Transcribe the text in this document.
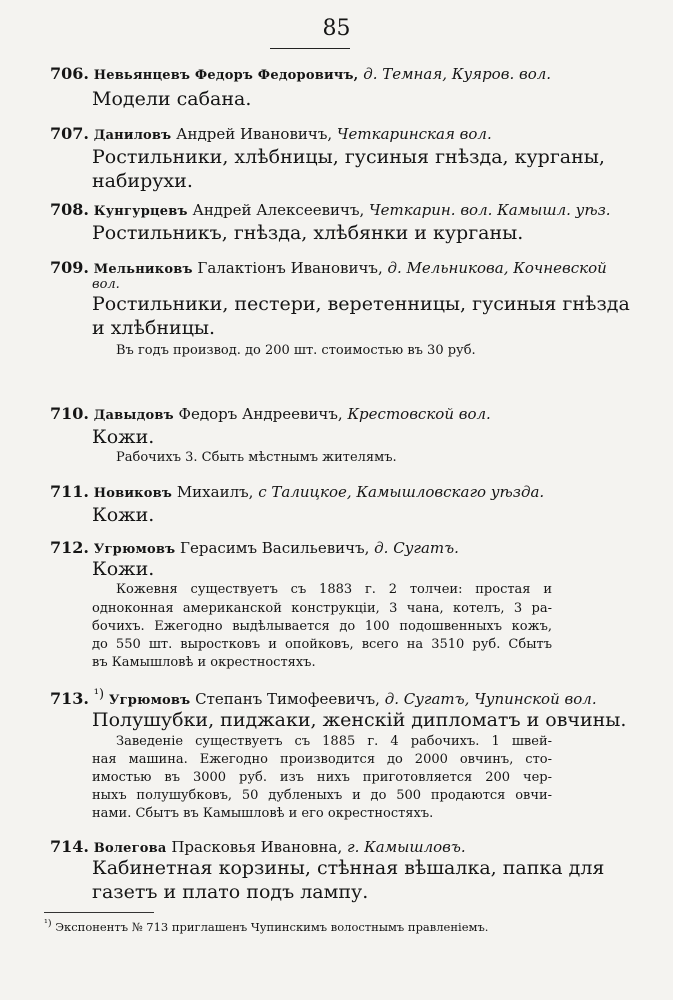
85
706. Невьянцевъ Федоръ Федоровичъ, д. Темная, Куяров. вол.
Модели сабана.
707. Даниловъ Андрей Ивановичъ, Четкаринская вол.
Ростильники, хлѣбницы, гусиныя гнѣзда, курганы,
набирухи.
708. Кунгурцевъ Андрей Алексеевичъ, Четкарин. вол. Камышл. уѣз.
Ростильникъ, гнѣзда, хлѣбянки и курганы.
709. Мельниковъ Галактіонъ Ивановичъ, д. Мельникова, Кочневской
вол.
Ростильники, пестери, веретенницы, гусиныя гнѣзда
и хлѣбницы.
Въ годъ производ. до 200 шт. стоимостью въ 30 руб.
710. Давыдовъ Федоръ Андреевичъ, Крестовской вол.
Кожи.
Рабочихъ 3. Сбыть мѣстнымъ жителямъ.
711. Новиковъ Михаилъ, с Талицкое, Камышловскаго уѣзда.
Кожи.
712. Угрюмовъ Герасимъ Васильевичъ, д. Сугатъ.
Кожи.
Кожевня существуетъ съ 1883 г. 2 толчеи: простая и
одноконная американской конструкціи, 3 чана, котелъ, 3 ра-
бочихъ. Ежегодно выдѣлывается до 100 подошвенныхъ кожъ,
до 550 шт. выростковъ и опойковъ, всего на 3510 руб. Сбытъ
въ Камышловѣ и окрестностяхъ.
713. $^{^1)}$ Угрюмовъ Степанъ Тимофеевичъ, д. Сугатъ, Чупинской вол.
Полушубки, пиджаки, женскій дипломатъ и овчины.
Заведеніе существуетъ съ 1885 г. 4 рабочихъ. 1 швей-
ная машина. Ежегодно производится до 2000 овчинъ, сто-
имостью въ 3000 руб. изъ нихъ приготовляется 200 чер-
ныхъ полушубковъ, 50 дубленыхъ и до 500 продаются овчи-
нами. Сбытъ въ Камышловѣ и его окрестностяхъ.
714. Волегова Прасковья Ивановна, г. Камышловъ.
Кабинетная корзины, стѣнная вѣшалка, папка для
газетъ и плато подъ лампу.
$^{^1)}$ Экспонентъ № 713 приглашенъ Чупинскимъ волостнымъ правленіемъ.
